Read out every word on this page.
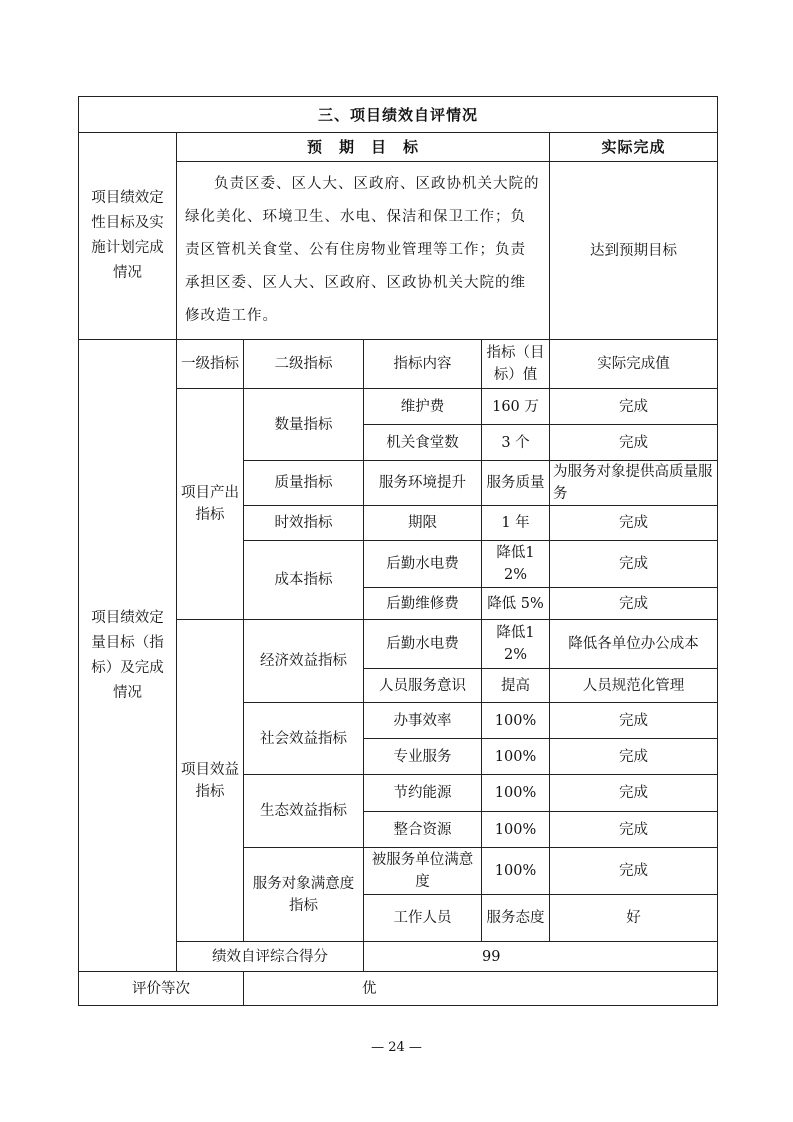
三、项目绩效自评情况					
项目绩效定性目标及实施计划完成情况	预　期　目　标				实际完成
	负责区委、区人大、区政府、区政协机关大院的绿化美化、环境卫生、水电、保洁和保卫工作；负责区管机关食堂、公有住房物业管理等工作；负责承担区委、区人大、区政府、区政协机关大院的维修改造工作。				达到预期目标
项目绩效定量目标（指标）及完成情况	一级指标	二级指标	指标内容	指标（目标）值	实际完成值
	项目产出指标	数量指标	维护费	160 万	完成
			机关食堂数	3 个	完成
		质量指标	服务环境提升	服务质量	为服务对象提供高质量服务
		时效指标	期限	1 年	完成
		成本指标	后勤水电费	降低12%	完成
			后勤维修费	降低 5%	完成
	项目效益指标	经济效益指标	后勤水电费	降低12%	降低各单位办公成本
			人员服务意识	提高	人员规范化管理
		社会效益指标	办事效率	100%	完成
			专业服务	100%	完成
		生态效益指标	节约能源	100%	完成
			整合资源	100%	完成
		服务对象满意度指标	被服务单位满意度	100%	完成
			工作人员	服务态度	好
	绩效自评综合得分		99		
评价等次		优			
— 24 —
